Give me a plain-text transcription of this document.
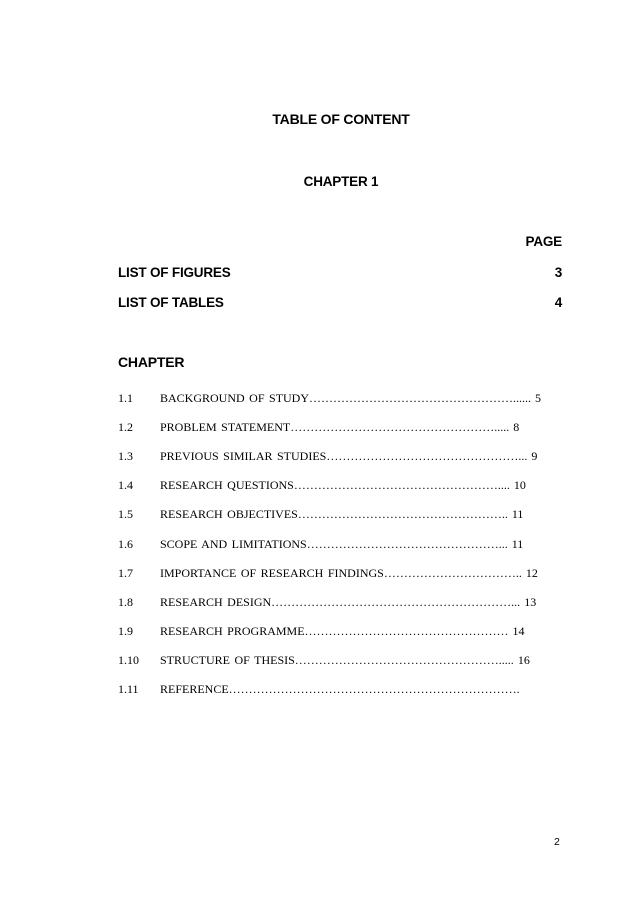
TABLE OF CONTENT
CHAPTER 1
PAGE
LIST OF FIGURES	3
LIST OF TABLES	4
CHAPTER
1.1	BACKGROUND OF STUDY……………………………………………...... 5
1.2	PROBLEM STATEMENT……………………………………………..... 8
1.3	PREVIOUS SIMILAR STUDIES…………………………………………... 9
1.4	RESEARCH QUESTIONS…………………………………………….... 10
1.5	RESEARCH OBJECTIVES…………………………………………….. 11
1.6	SCOPE AND LIMITATIONS…………………………………………... 11
1.7	IMPORTANCE OF RESEARCH FINDINGS…………………………….. 12
1.8	RESEARCH DESIGN……………………………………………………... 13
1.9	RESEARCH PROGRAMME…………………………………………… 14
1.10	STRUCTURE OF THESIS……………………………………………..... 16
1.11	REFERENCE……………………………………………………………….
2
